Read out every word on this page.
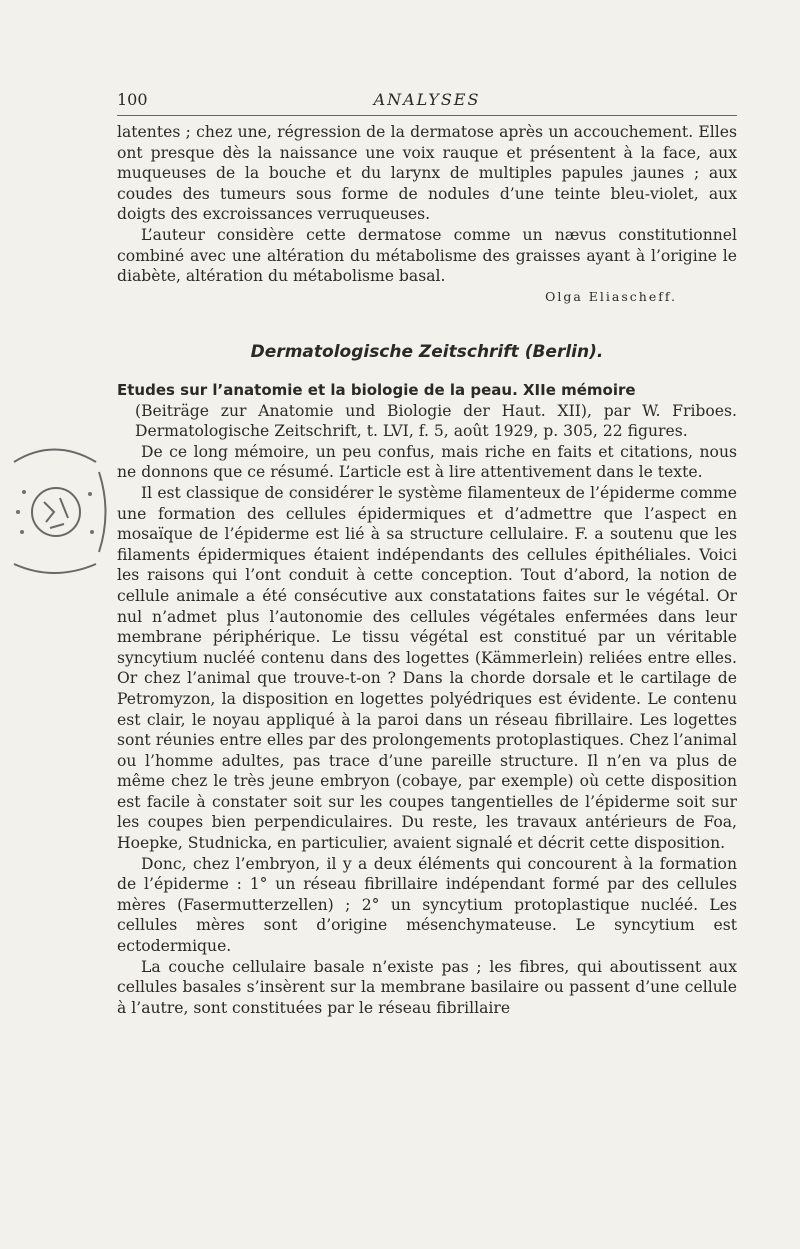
100	ANALYSES

latentes ; chez une, régression de la dermatose après un accouchement. Elles ont presque dès la naissance une voix rauque et présentent à la face, aux muqueuses de la bouche et du larynx de multiples papules jaunes ; aux coudes des tumeurs sous forme de nodules d’une teinte bleu-violet, aux doigts des excroissances verruqueuses.

L’auteur considère cette dermatose comme un nævus constitutionnel combiné avec une altération du métabolisme des graisses ayant à l’origine le diabète, altération du métabolisme basal.

Olga Eliascheff.

Dermatologische Zeitschrift (Berlin).

Etudes sur l’anatomie et la biologie de la peau. XIIe mémoire
(Beiträge zur Anatomie und Biologie der Haut. XII), par W. Friboes. Dermatologische Zeitschrift, t. LVI, f. 5, août 1929, p. 305, 22 figures.

De ce long mémoire, un peu confus, mais riche en faits et citations, nous ne donnons que ce résumé. L’article est à lire attentivement dans le texte.

Il est classique de considérer le système filamenteux de l’épiderme comme une formation des cellules épidermiques et d’admettre que l’aspect en mosaïque de l’épiderme est lié à sa structure cellulaire. F. a soutenu que les filaments épidermiques étaient indépendants des cellules épithéliales. Voici les raisons qui l’ont conduit à cette conception. Tout d’abord, la notion de cellule animale a été consécutive aux constatations faites sur le végétal. Or nul n’admet plus l’autonomie des cellules végétales enfermées dans leur membrane périphérique. Le tissu végétal est constitué par un véritable syncytium nucléé contenu dans des logettes (Kämmerlein) reliées entre elles. Or chez l’animal que trouve-t-on ? Dans la chorde dorsale et le cartilage de Petromyzon, la disposition en logettes polyédriques est évidente. Le contenu est clair, le noyau appliqué à la paroi dans un réseau fibrillaire. Les logettes sont réunies entre elles par des prolongements protoplastiques. Chez l’animal ou l’homme adultes, pas trace d’une pareille structure. Il n’en va plus de même chez le très jeune embryon (cobaye, par exemple) où cette disposition est facile à constater soit sur les coupes tangentielles de l’épiderme soit sur les coupes bien perpendiculaires. Du reste, les travaux antérieurs de Foa, Hoepke, Studnicka, en particulier, avaient signalé et décrit cette disposition.

Donc, chez l’embryon, il y a deux éléments qui concourent à la formation de l’épiderme : 1° un réseau fibrillaire indépendant formé par des cellules mères (Fasermutterzellen) ; 2° un syncytium protoplastique nucléé. Les cellules mères sont d’origine mésenchymateuse. Le syncytium est ectodermique.

La couche cellulaire basale n’existe pas ; les fibres, qui aboutissent aux cellules basales s’insèrent sur la membrane basilaire ou passent d’une cellule à l’autre, sont constituées par le réseau fibrillaire
